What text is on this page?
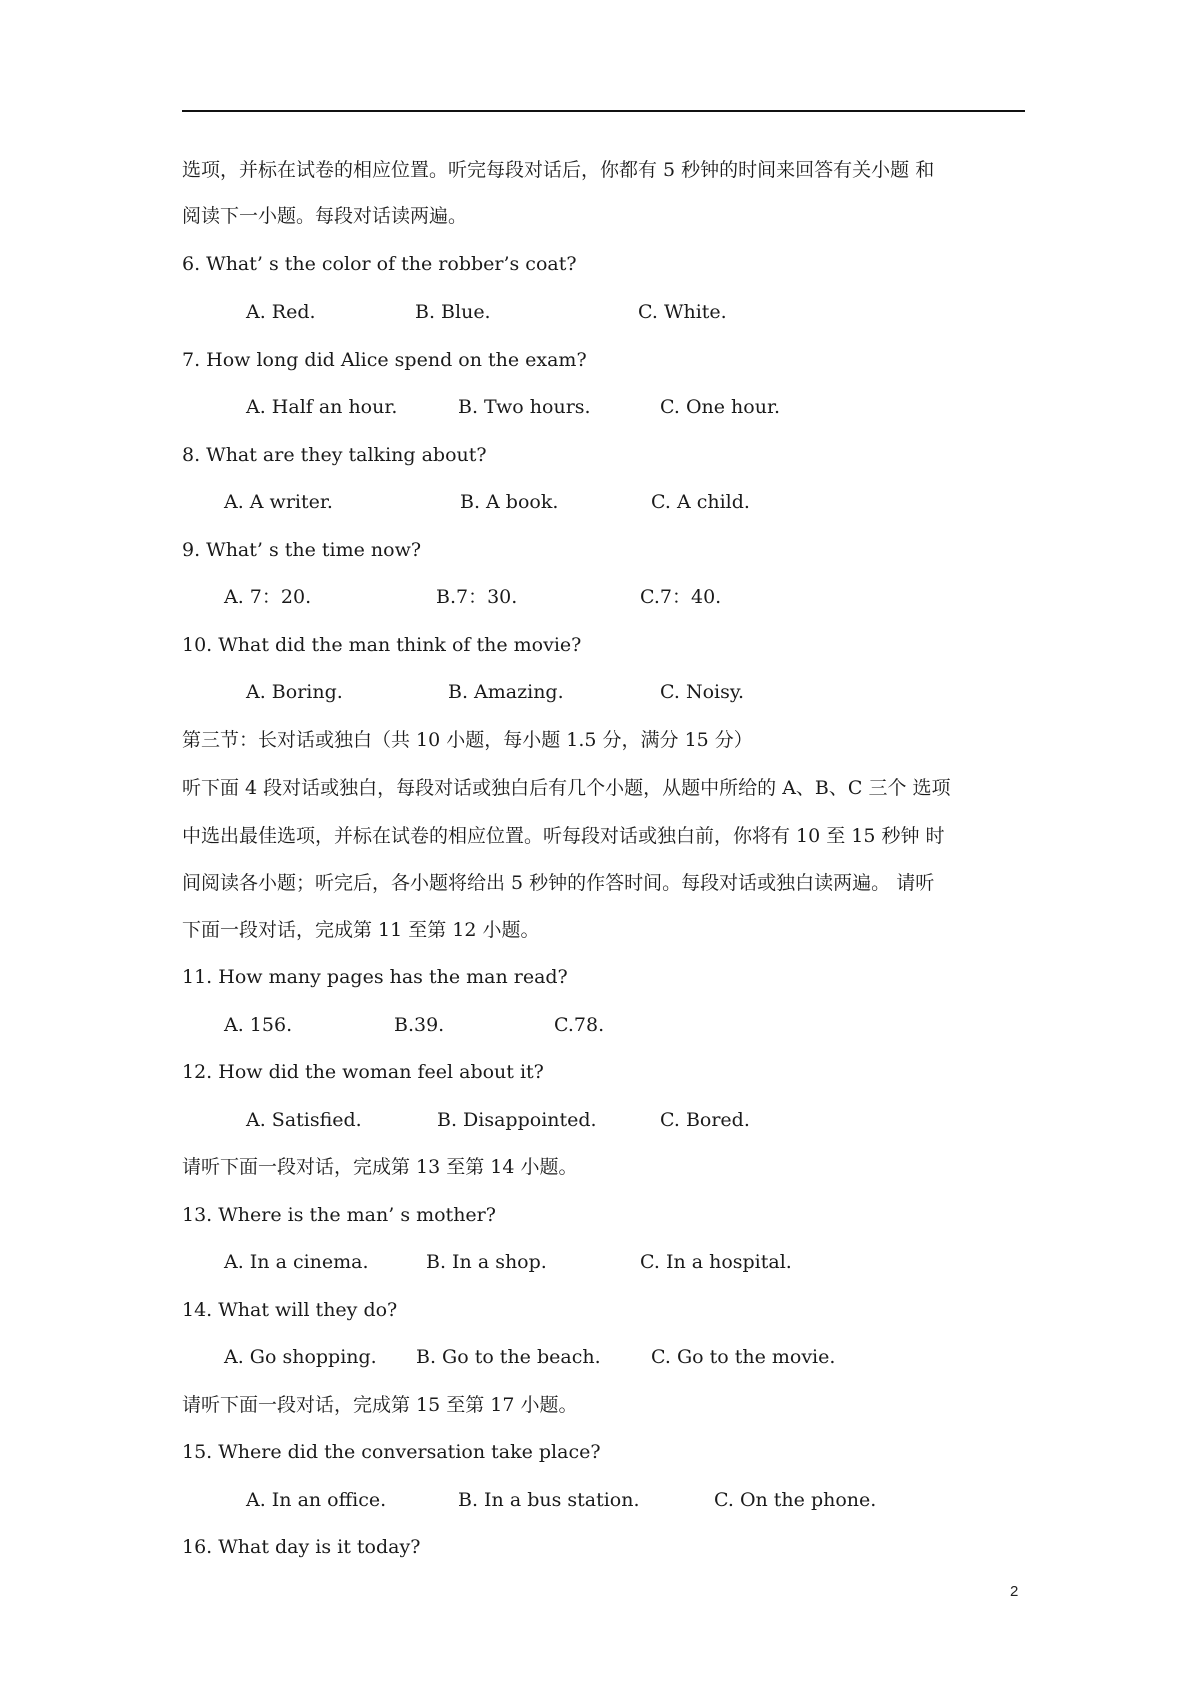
选项，并标在试卷的相应位置。听完每段对话后，你都有 5 秒钟的时间来回答有关小题 和
阅读下一小题。每段对话读两遍。
6. What’ s the color of the robber’s coat?

A. Red.

	B. Blue.

	C. White.

7. How long did Alice spend on the exam?

A. Half an hour.

	B. Two hours.

	C. One hour.

8. What are they talking about?

A. A writer.

	B. A book.

	C. A child.

9. What’ s the time now?

A. 7：20.

	B.7：30.

	C.7：40.

10. What did the man think of the movie?

A. Boring.

	B. Amazing.

	C. Noisy.

第三节：长对话或独白（共 10 小题，每小题 1.5 分，满分 15 分）
听下面 4 段对话或独白，每段对话或独白后有几个小题，从题中所给的 A、B、C 三个 选项
中选出最佳选项，并标在试卷的相应位置。听每段对话或独白前，你将有 10 至 15 秒钟 时
间阅读各小题；听完后，各小题将给出 5 秒钟的作答时间。每段对话或独白读两遍。 请听
下面一段对话，完成第 11 至第 12 小题。
11. How many pages has the man read?

A. 156.

	B.39.

	C.78.

12. How did the woman feel about it?

A. Satisfied.

	B. Disappointed.

	C. Bored.

请听下面一段对话，完成第 13 至第 14 小题。
13. Where is the man’ s mother?

A. In a cinema.

	B. In a shop.

	C. In a hospital.

14. What will they do?

A. Go shopping.

B. Go to the beach.

	C. Go to the movie.

请听下面一段对话，完成第 15 至第 17 小题。
15. Where did the conversation take place?

A. In an office.

	B. In a bus station.

	C. On the phone.

16. What day is it today?
2
